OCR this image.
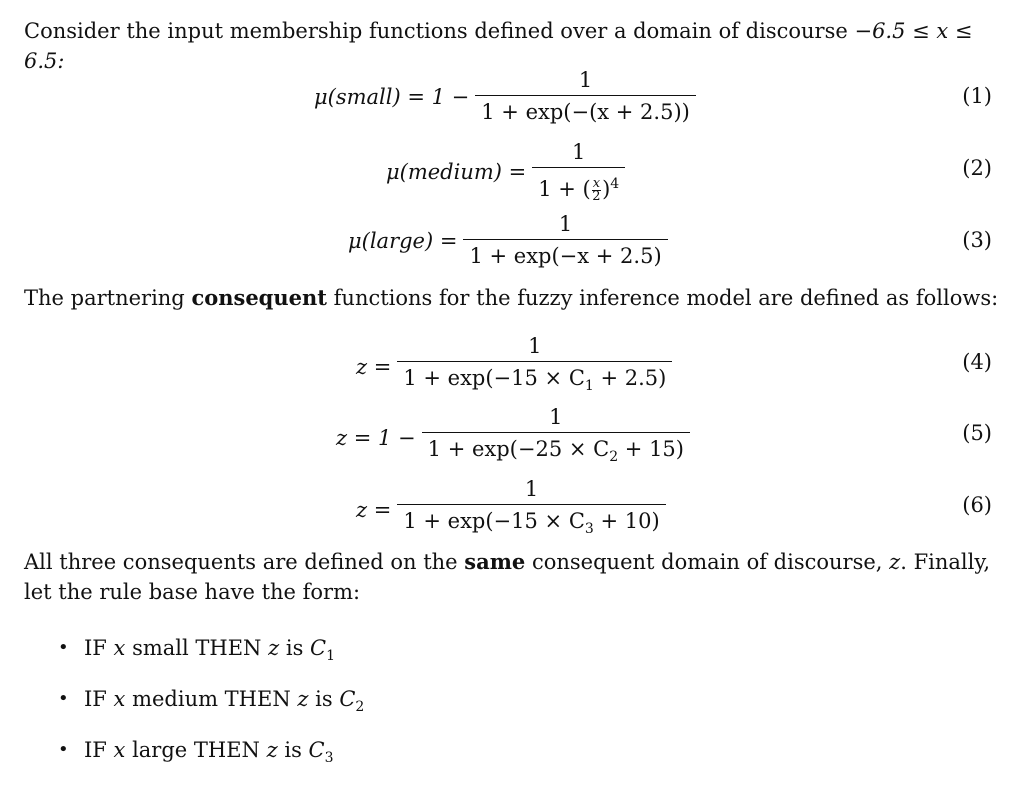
Consider the input membership functions defined over a domain of discourse −6.5 ≤ x ≤ 6.5:

μ(small) = $1 - \frac{1}{1 + \exp(-(x + 2.5))}$	(1)
μ(medium) = $\frac{1}{1 + ( \frac{x}{2} )^4}$	(2)
μ(large) = $\frac{1}{1 + \exp(-x + 2.5)}$	(3)

The partnering consequent functions for the fuzzy inference model are defined as follows:

$z = \frac{1}{1 + \exp(-15 \times C_1 + 2.5)}$	(4)
$z = 1 - \frac{1}{1 + \exp(-25 \times C_2 + 15)}$	(5)
$z = \frac{1}{1 + \exp(-15 \times C_3 + 10)}$	(6)

All three consequents are defined on the same consequent domain of discourse, z. Finally, let the rule base have the form:

• IF x small THEN z is $C_1$
• IF x medium THEN z is $C_2$
• IF x large THEN z is $C_3$
